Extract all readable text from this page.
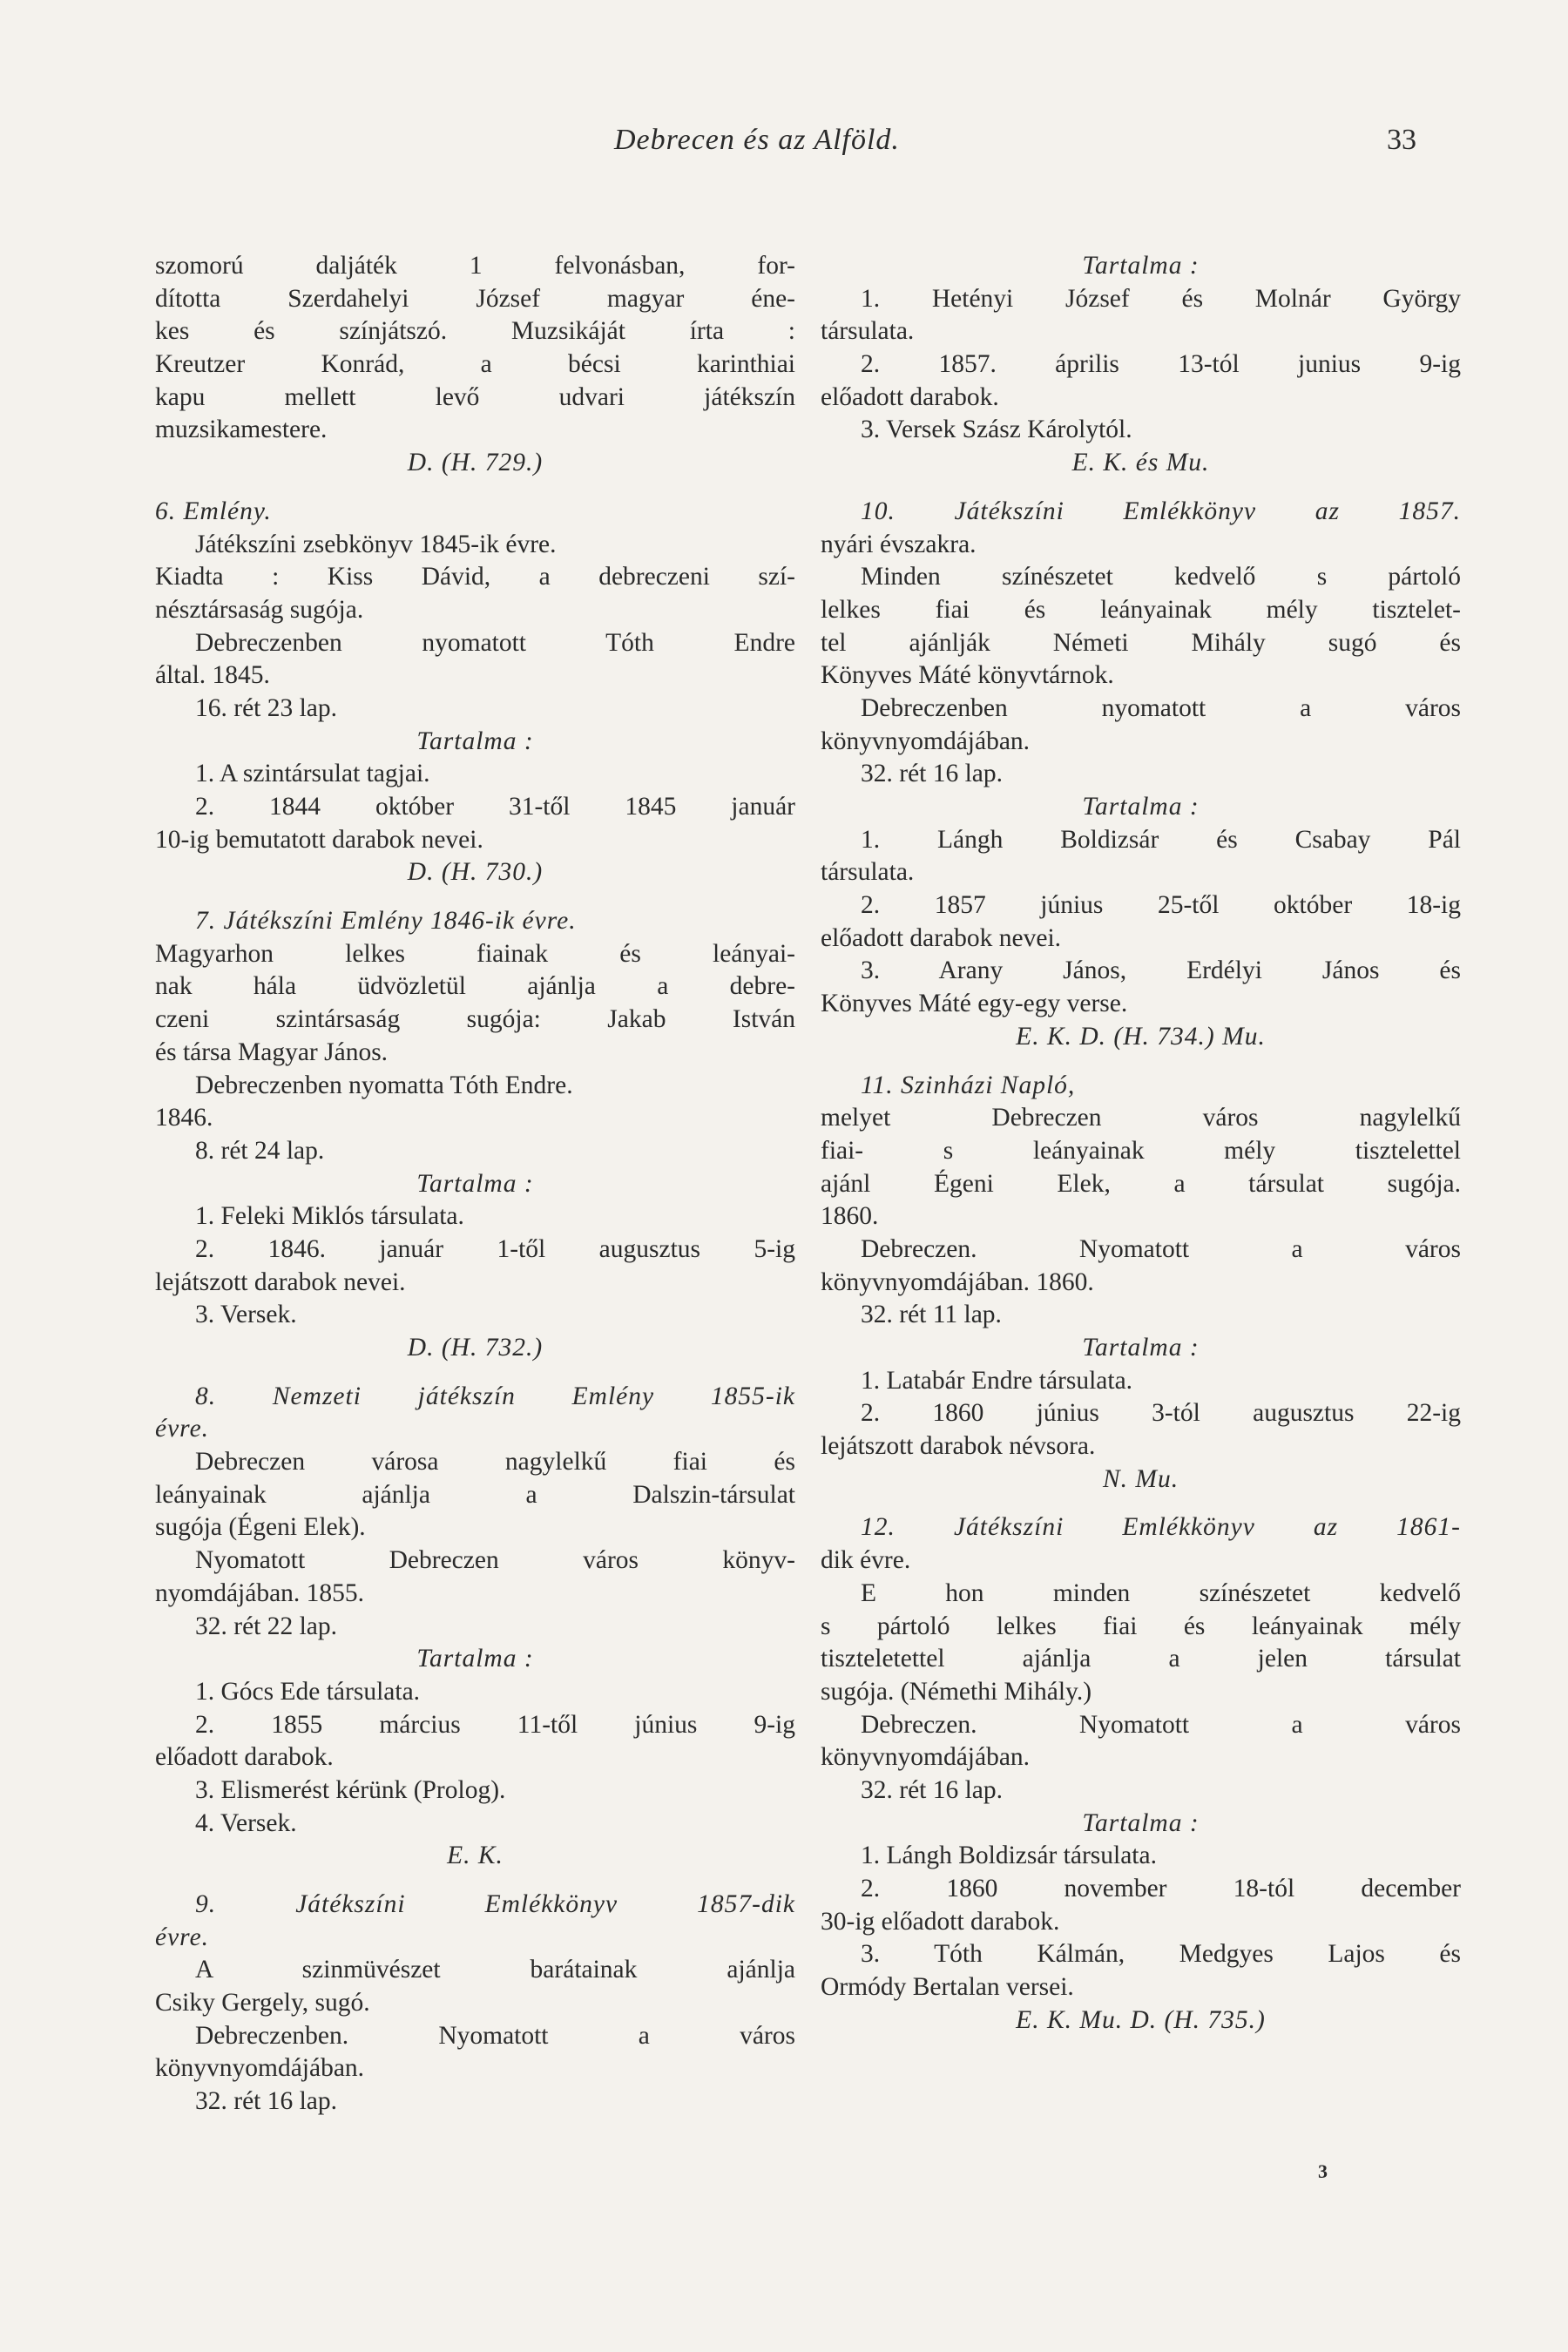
Debrecen és az Alföld.	33
szomorú daljáték 1 felvonásban, for-
dította Szerdahelyi József magyar éne-
kes és színjátszó. Muzsikáját írta :
Kreutzer Konrád, a bécsi karinthiai
kapu mellett levő udvari játékszín
muzsikamestere.
D. (H. 729.)
6. Emlény.
Játékszíni zsebkönyv 1845-ik évre.
Kiadta : Kiss Dávid, a debreczeni szí-
nésztársaság sugója.
Debreczenben nyomatott Tóth Endre
által. 1845.
16. rét 23 lap.
Tartalma :
1. A szintársulat tagjai.
2. 1844 október 31-től 1845 január
10-ig bemutatott darabok nevei.
D. (H. 730.)
7. Játékszíni Emlény 1846-ik évre.
Magyarhon lelkes fiainak és leányai-
nak hála üdvözletül ajánlja a debre-
czeni szintársaság sugója: Jakab István
és társa Magyar János.
Debreczenben nyomatta Tóth Endre.
1846.
8. rét 24 lap.
Tartalma :
1. Feleki Miklós társulata.
2. 1846. január 1-től augusztus 5-ig
lejátszott darabok nevei.
3. Versek.
D. (H. 732.)
8. Nemzeti játékszín Emlény 1855-ik
évre.
Debreczen városa nagylelkű fiai és
leányainak ajánlja a Dalszin-társulat
sugója (Égeni Elek).
Nyomatott Debreczen város könyv-
nyomdájában. 1855.
32. rét 22 lap.
Tartalma :
1. Gócs Ede társulata.
2. 1855 március 11-től június 9-ig
előadott darabok.
3. Elismerést kérünk (Prolog).
4. Versek.
E. K.
9. Játékszíni Emlékkönyv 1857-dik
évre.
A szinmüvészet barátainak ajánlja
Csiky Gergely, sugó.
Debreczenben. Nyomatott a város
könyvnyomdájában.
32. rét 16 lap.
Tartalma :
1. Hetényi József és Molnár György
társulata.
2. 1857. április 13-tól junius 9-ig
előadott darabok.
3. Versek Szász Károlytól.
E. K. és Mu.
10. Játékszíni Emlékkönyv az 1857.
nyári évszakra.
Minden színészetet kedvelő s pártoló
lelkes fiai és leányainak mély tisztelet-
tel ajánlják Németi Mihály sugó és
Könyves Máté könyvtárnok.
Debreczenben nyomatott a város
könyvnyomdájában.
32. rét 16 lap.
Tartalma :
1. Lángh Boldizsár és Csabay Pál
társulata.
2. 1857 június 25-től október 18-ig
előadott darabok nevei.
3. Arany János, Erdélyi János és
Könyves Máté egy-egy verse.
E. K. D. (H. 734.) Mu.
11. Szinházi Napló,
melyet Debreczen város nagylelkű
fiai- s leányainak mély tisztelettel
ajánl Égeni Elek, a társulat sugója.
1860.
Debreczen. Nyomatott a város
könyvnyomdájában. 1860.
32. rét 11 lap.
Tartalma :
1. Latabár Endre társulata.
2. 1860 június 3-tól augusztus 22-ig
lejátszott darabok névsora.
N. Mu.
12. Játékszíni Emlékkönyv az 1861-
dik évre.
E hon minden színészetet kedvelő
s pártoló lelkes fiai és leányainak mély
tiszteletettel ajánlja a jelen társulat
sugója. (Némethi Mihály.)
Debreczen. Nyomatott a város
könyvnyomdájában.
32. rét 16 lap.
Tartalma :
1. Lángh Boldizsár társulata.
2. 1860 november 18-tól december
30-ig előadott darabok.
3. Tóth Kálmán, Medgyes Lajos és
Ormódy Bertalan versei.
E. K. Mu. D. (H. 735.)
3
